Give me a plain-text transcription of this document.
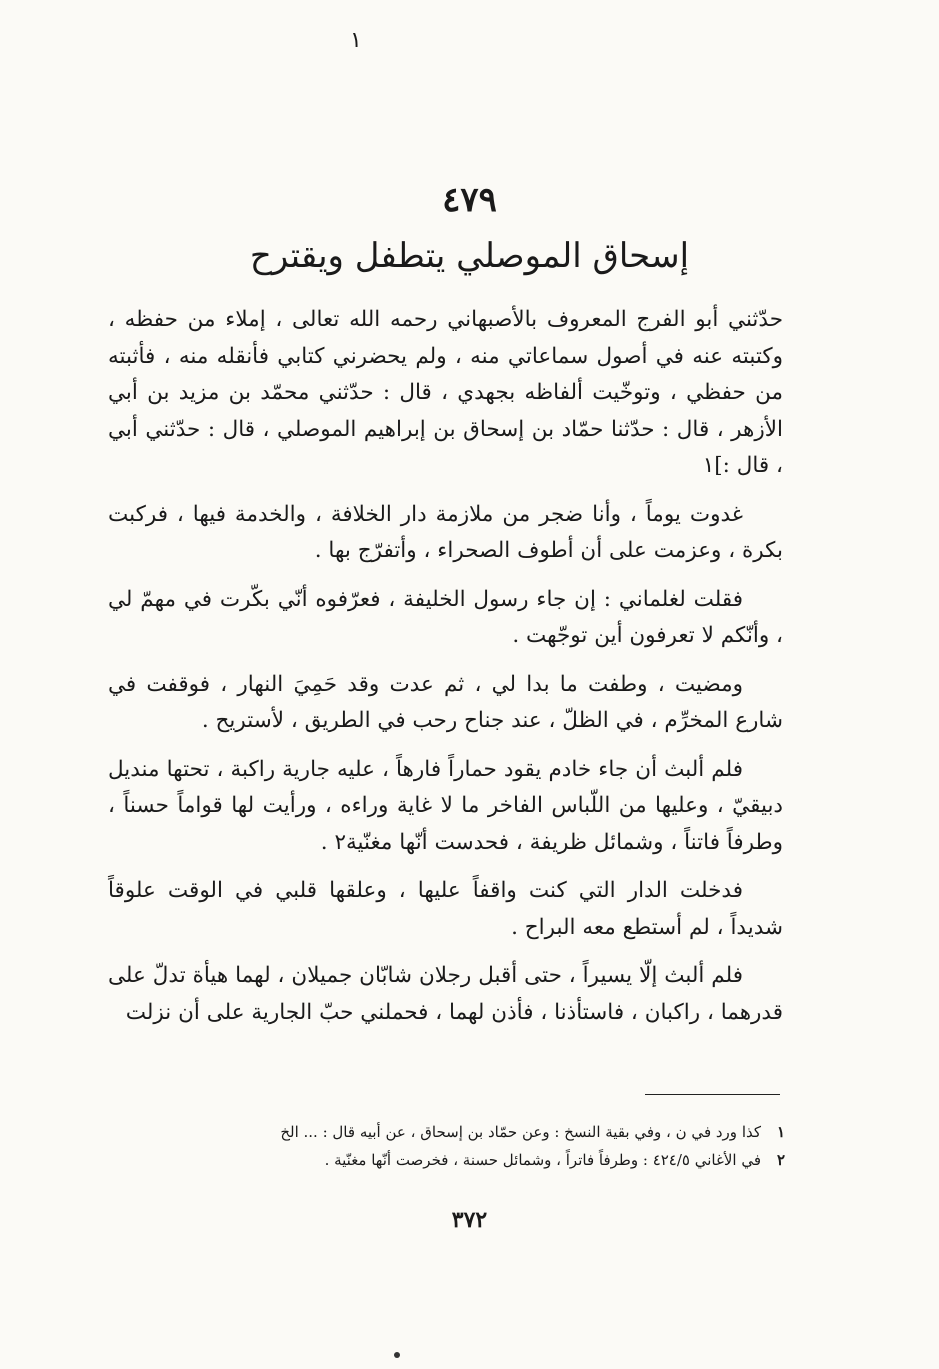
١
٤٧٩
إسحاق الموصلي يتطفل ويقترح

حدّثني أبو الفرج المعروف بالأصبهاني رحمه الله تعالى ، إملاء من حفظه ، وكتبته عنه في أصول سماعاتي منه ، ولم يحضرني كتابي فأنقله منه ، فأثبته من حفظي ، وتوخّيت ألفاظه بجهدي ، قال : حدّثني محمّد بن مزيد بن أبي الأزهر ، قال : حدّثنا حمّاد بن إسحاق بن إبراهيم الموصلي ، قال : حدّثني أبي ، قال :]١

غدوت يوماً ، وأنا ضجر من ملازمة دار الخلافة ، والخدمة فيها ، فركبت بكرة ، وعزمت على أن أطوف الصحراء ، وأتفرّج بها .

فقلت لغلماني : إن جاء رسول الخليفة ، فعرّفوه أنّي بكّرت في مهمّ لي ، وأنّكم لا تعرفون أين توجّهت .

ومضيت ، وطفت ما بدا لي ، ثم عدت وقد حَمِيَ النهار ، فوقفت في شارع المخرِّم ، في الظلّ ، عند جناح رحب في الطريق ، لأستريح .

فلم ألبث أن جاء خادم يقود حماراً فارهاً ، عليه جارية راكبة ، تحتها منديل دبيقيّ ، وعليها من اللّباس الفاخر ما لا غاية وراءه ، ورأيت لها قواماً حسناً ، وطرفاً فاتناً ، وشمائل ظريفة ، فحدست أنّها مغنّية٢ .

فدخلت الدار التي كنت واقفاً عليها ، وعلقها قلبي في الوقت علوقاً شديداً ، لم أستطع معه البراح .

فلم ألبث إلّا يسيراً ، حتى أقبل رجلان شابّان جميلان ، لهما هيأة تدلّ على قدرهما ، راكبان ، فاستأذنا ، فأذن لهما ، فحملني حبّ الجارية على أن نزلت

١
كذا ورد في ن ، وفي بقية النسخ : وعن حمّاد بن إسحاق ، عن أبيه قال : ... الخ
٢
في الأغاني ٤٢٤/٥ : وطرفاً فاتراً ، وشمائل حسنة ، فخرصت أنّها مغنّية .
٣٧٢
